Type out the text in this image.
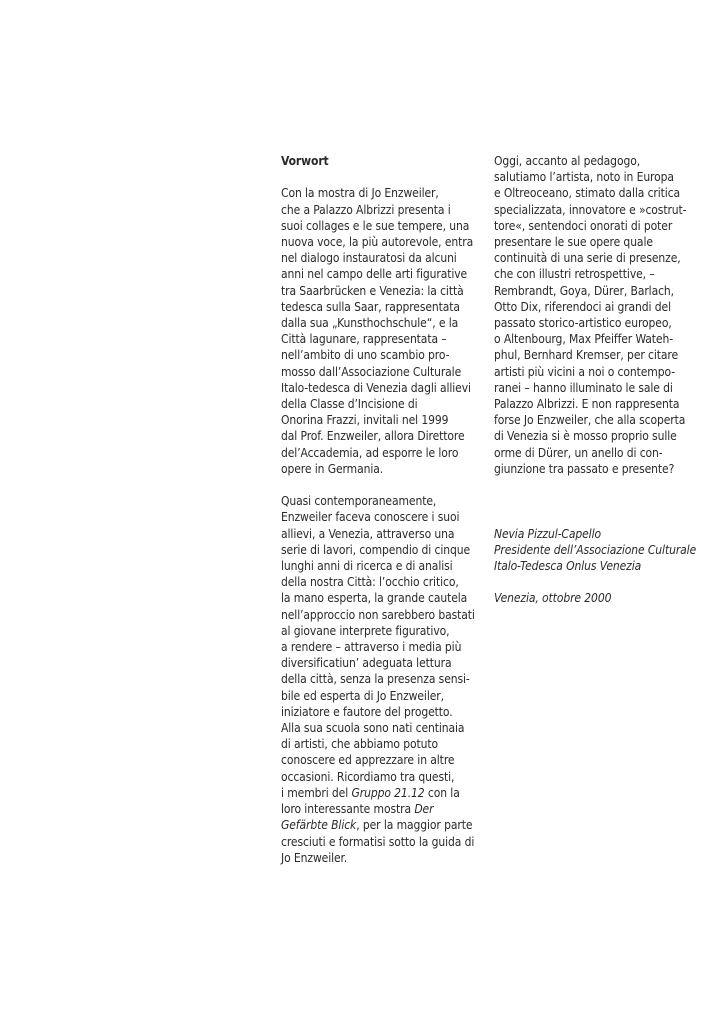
Vorwort
Con la mostra di Jo Enzweiler,
che a Palazzo Albrizzi presenta i
suoi collages e le sue tempere, una
nuova voce, la più autorevole, entra
nel dialogo instauratosi da alcuni
anni nel campo delle arti figurative
tra Saarbrücken e Venezia: la città
tedesca sulla Saar, rappresentata
dalla sua „Kunsthochschule“, e la
Città lagunare, rappresentata –
nell’ambito di uno scambio pro-
mosso dall’Associazione Culturale
Italo-tedesca di Venezia dagli allievi
della Classe d’Incisione di
Onorina Frazzi, invitali nel 1999
dal Prof. Enzweiler, allora Direttore
del’Accademia, ad esporre le loro
opere in Germania.
Quasi contemporaneamente,
Enzweiler faceva conoscere i suoi
allievi, a Venezia, attraverso una
serie di lavori, compendio di cinque
lunghi anni di ricerca e di analisi
della nostra Città: l’occhio critico,
la mano esperta, la grande cautela
nell’approccio non sarebbero bastati
al giovane interprete figurativo,
a rendere – attraverso i media più
diversificatiun’ adeguata lettura
della città, senza la presenza sensi-
bile ed esperta di Jo Enzweiler,
iniziatore e fautore del progetto.
Alla sua scuola sono nati centinaia
di artisti, che abbiamo potuto
conoscere ed apprezzare in altre
occasioni. Ricordiamo tra questi,
i membri del Gruppo 21.12 con la
loro interessante mostra Der
Gefärbte Blick, per la maggior parte
cresciuti e formatisi sotto la guida di
Jo Enzweiler.
Oggi, accanto al pedagogo,
salutiamo l’artista, noto in Europa
e Oltreoceano, stimato dalla critica
specializzata, innovatore e »costrut-
tore«, sentendoci onorati di poter
presentare le sue opere quale
continuità di una serie di presenze,
che con illustri retrospettive, –
Rembrandt, Goya, Dürer, Barlach,
Otto Dix, riferendoci ai grandi del
passato storico-artistico europeo,
o Altenbourg, Max Pfeiffer Wateh-
phul, Bernhard Kremser, per citare
artisti più vicini a noi o contempo-
ranei – hanno illuminato le sale di
Palazzo Albrizzi. E non rappresenta
forse Jo Enzweiler, che alla scoperta
di Venezia si è mosso proprio sulle
orme di Dürer, un anello di con-
giunzione tra passato e presente?
Nevia Pizzul-Capello
Presidente dell’Associazione Culturale
Italo-Tedesca Onlus Venezia
Venezia, ottobre 2000
